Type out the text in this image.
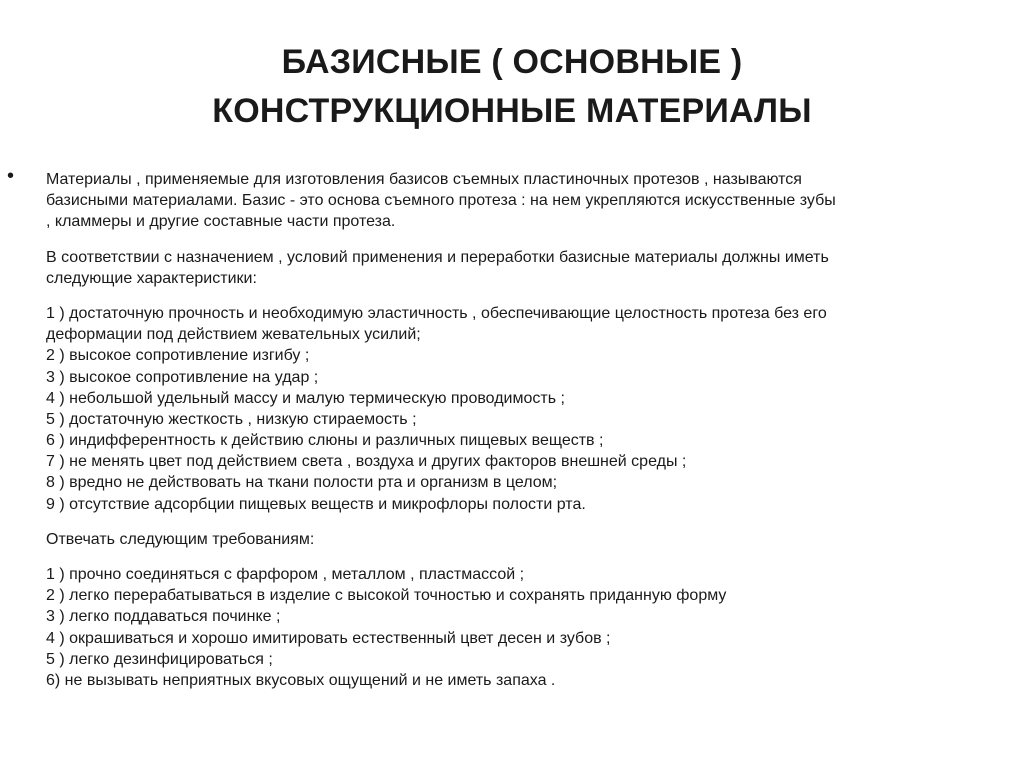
БАЗИСНЫЕ ( ОСНОВНЫЕ )
КОНСТРУКЦИОННЫЕ МАТЕРИАЛЫ
• Материалы , применяемые для изготовления базисов съемных пластиночных протезов , называются
базисными материалами. Базис - это основа съемного протеза : на нем укрепляются искусственные зубы
, кламмеры и другие составные части протеза.
В соответствии с назначением , условий применения и переработки базисные материалы должны иметь
следующие характеристики:
1 ) достаточную прочность и необходимую эластичность , обеспечивающие целостность протеза без его
деформации под действием жевательных усилий;
2 ) высокое сопротивление изгибу ;
3 ) высокое сопротивление на удар ;
4 ) небольшой удельный массу и малую термическую проводимость ;
5 ) достаточную жесткость , низкую стираемость ;
6 ) индифферентность к действию слюны и различных пищевых веществ ;
7 ) не менять цвет под действием света , воздуха и других факторов внешней среды ;
8 ) вредно не действовать на ткани полости рта и организм в целом;
9 ) отсутствие адсорбции пищевых веществ и микрофлоры полости рта.
Отвечать следующим требованиям:
1 ) прочно соединяться с фарфором , металлом , пластмассой ;
2 ) легко перерабатываться в изделие с высокой точностью и сохранять приданную форму
3 ) легко поддаваться починке ;
4 ) окрашиваться и хорошо имитировать естественный цвет десен и зубов ;
5 ) легко дезинфицироваться ;
6) не вызывать неприятных вкусовых ощущений и не иметь запаха .
